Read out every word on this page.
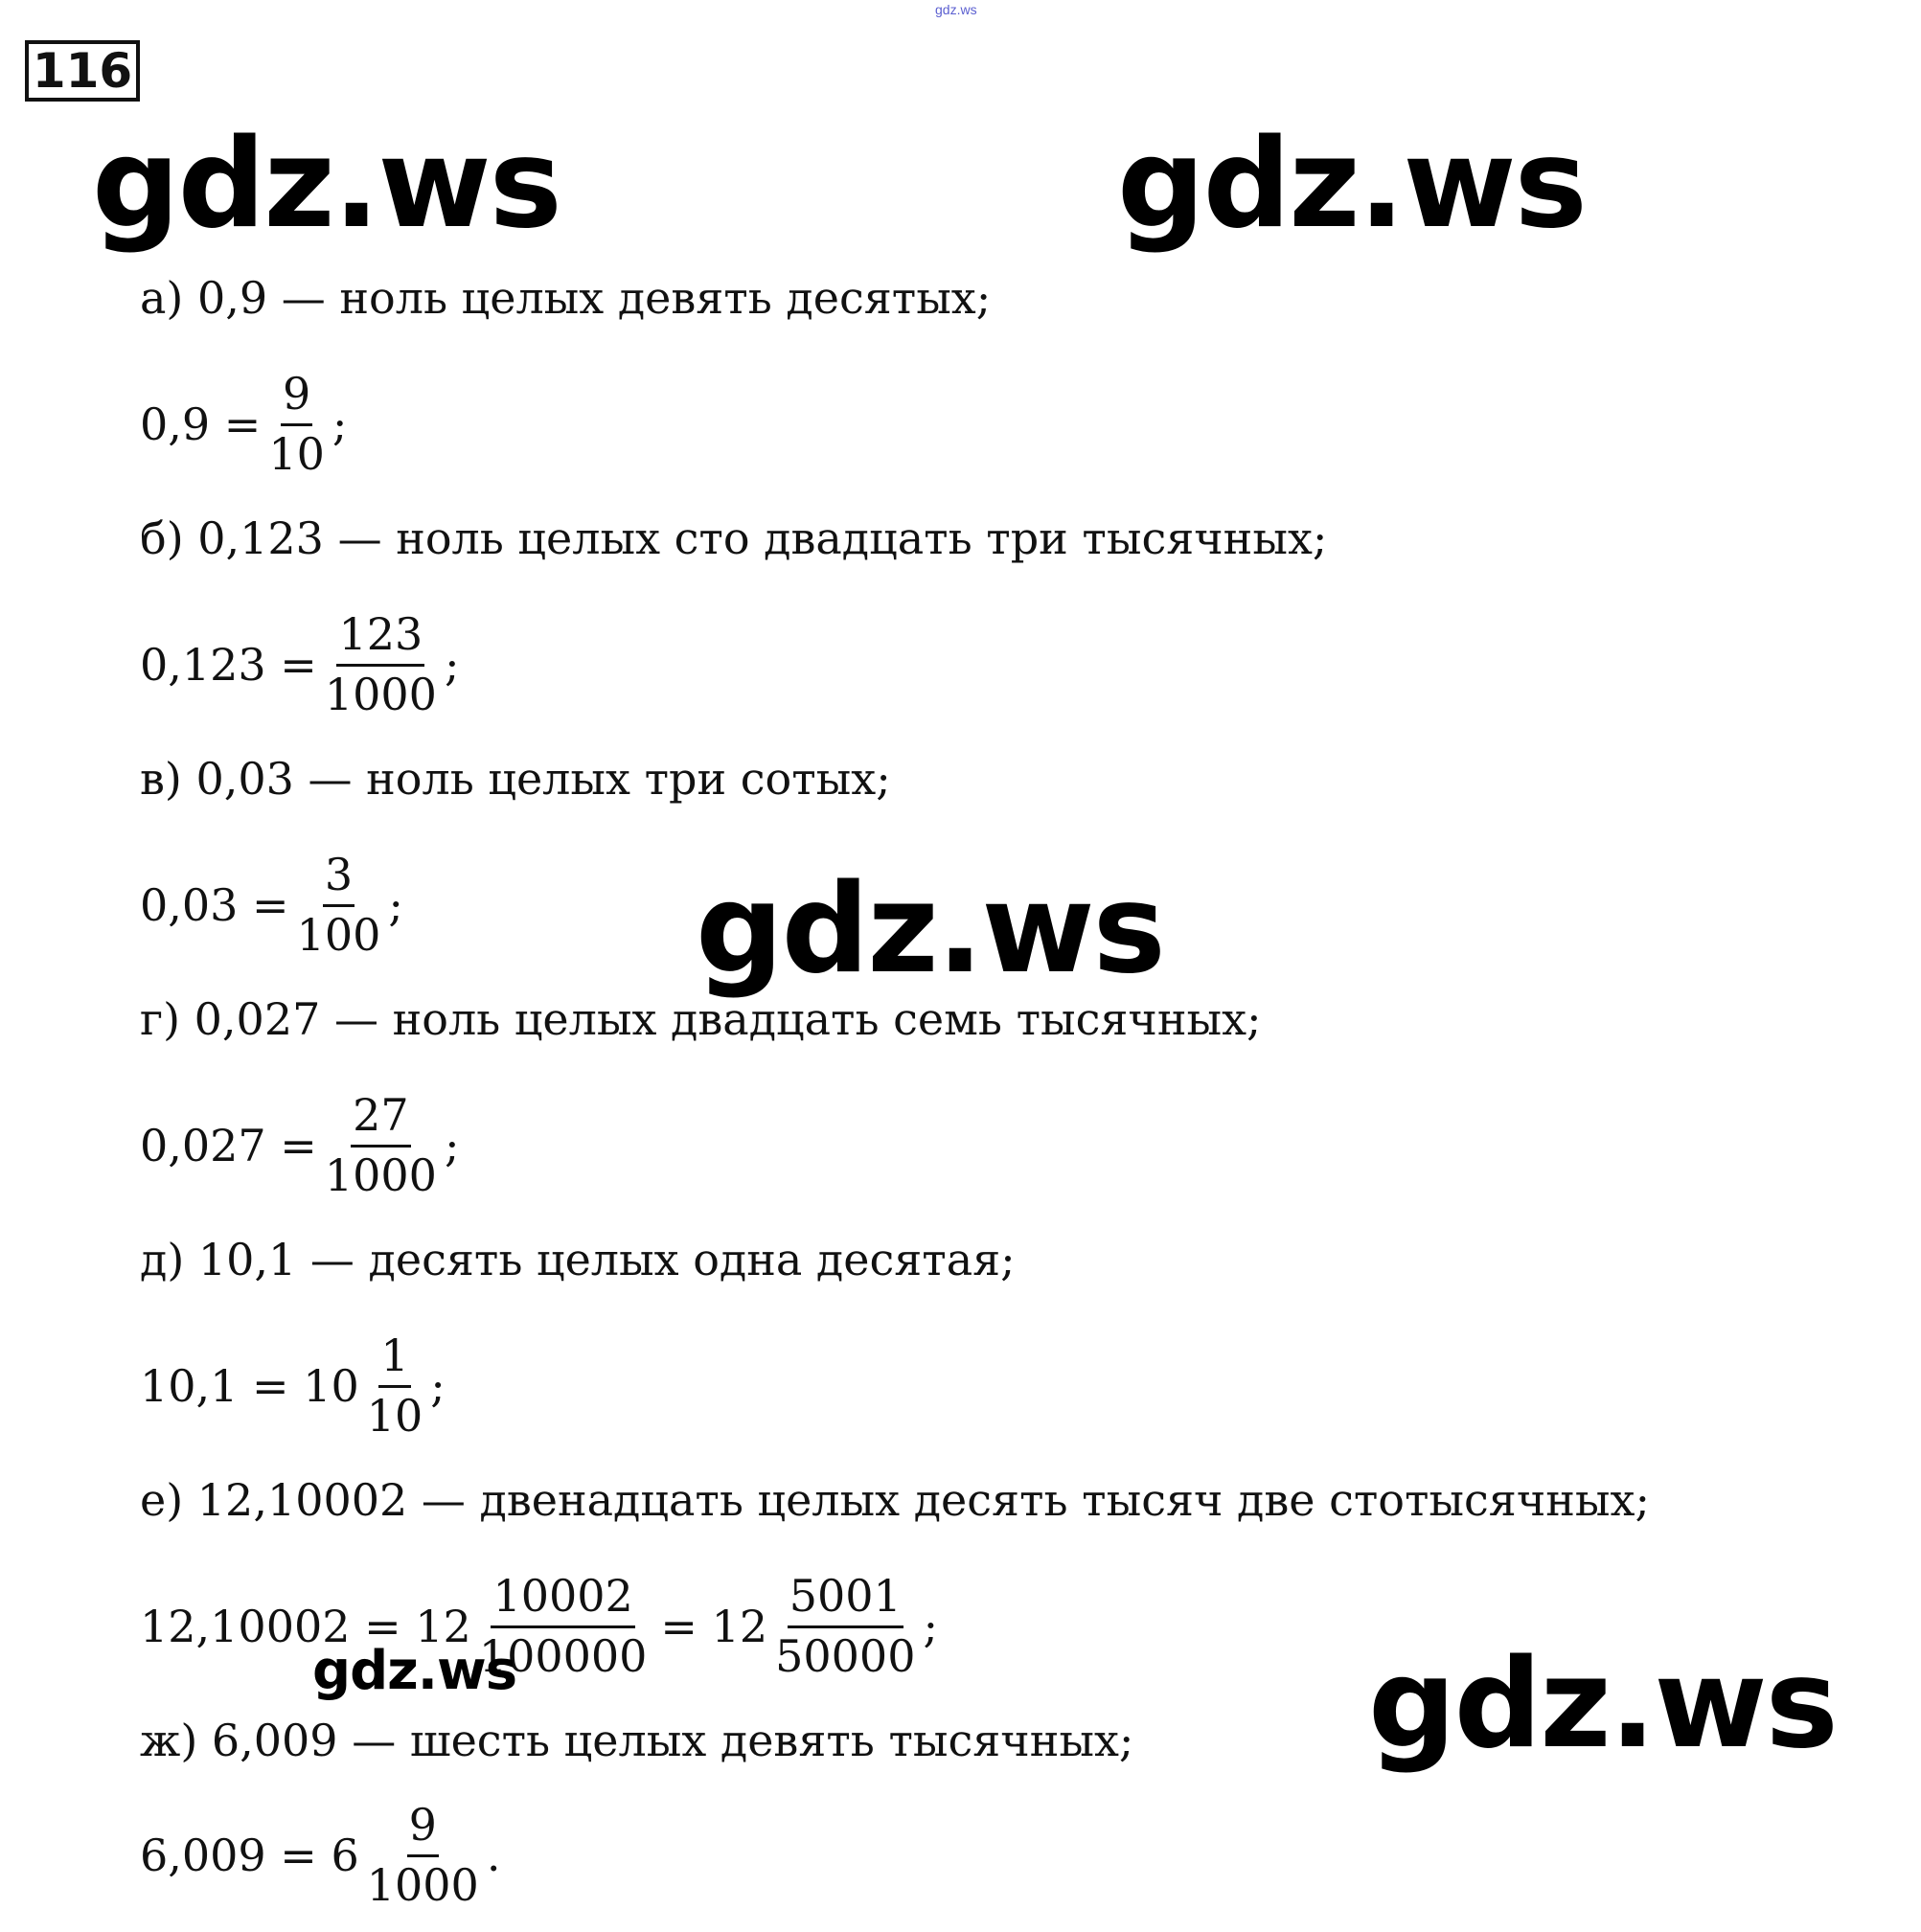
gdz.ws
116
а) 0,9 — ноль целых девять десятых;
$0,9 = \frac{9}{10}$ ;
б) 0,123 — ноль целых сто двадцать три тысячных;
$0,123 = \frac{123}{1000}$ ;
в) 0,03 — ноль целых три сотых;
$0,03 = \frac{3}{100}$ ;
г) 0,027 — ноль целых двадцать семь тысячных;
$0,027 = \frac{27}{1000}$ ;
д) 10,1 — десять целых одна десятая;
$10,1 = 10 \frac{1}{10}$ ;
е) 12,10002 — двенадцать целых десять тысяч две стотысячных;
$12,10002 = 12 \frac{10002}{100000} = 12 \frac{5001}{50000}$ ;
ж) 6,009 — шесть целых девять тысячных;
$6,009 = 6 \frac{9}{1000}$ .
gdz.ws	gdz.ws
gdz.ws
gdz.ws
gdz.ws
